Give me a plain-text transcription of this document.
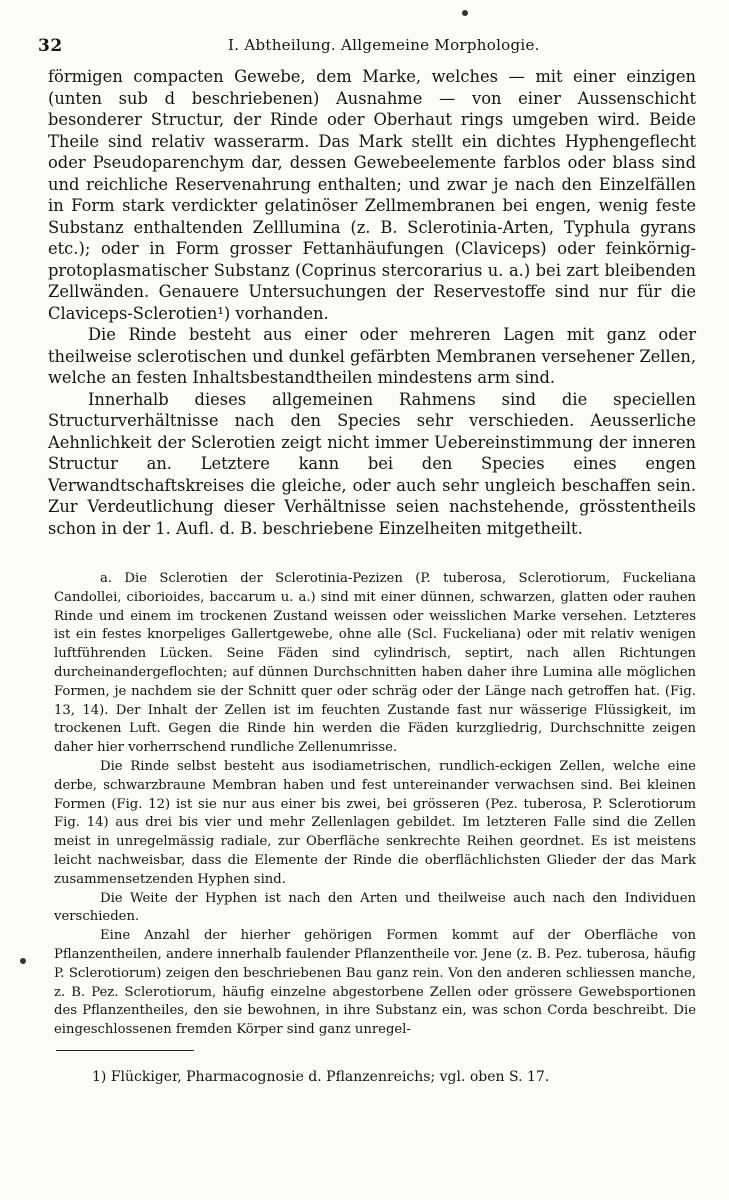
32	I. Abtheilung. Allgemeine Morphologie.

förmigen compacten Gewebe, dem Marke, welches — mit einer einzigen (unten sub d beschriebenen) Ausnahme — von einer Aussenschicht besonderer Structur, der Rinde oder Oberhaut rings umgeben wird. Beide Theile sind relativ wasserarm. Das Mark stellt ein dichtes Hyphengeflecht oder Pseudoparenchym dar, dessen Gewebeelemente farblos oder blass sind und reichliche Reservenahrung enthalten; und zwar je nach den Einzelfällen in Form stark verdickter gelatinöser Zellmembranen bei engen, wenig feste Substanz enthaltenden Zelllumina (z. B. Sclerotinia-Arten, Typhula gyrans etc.); oder in Form grosser Fettanhäufungen (Claviceps) oder feinkörnig-protoplasmatischer Substanz (Coprinus stercorarius u. a.) bei zart bleibenden Zellwänden. Genauere Untersuchungen der Reservestoffe sind nur für die Claviceps-Sclerotien¹) vorhanden.

Die Rinde besteht aus einer oder mehreren Lagen mit ganz oder theilweise sclerotischen und dunkel gefärbten Membranen versehener Zellen, welche an festen Inhaltsbestandtheilen mindestens arm sind.

Innerhalb dieses allgemeinen Rahmens sind die speciellen Structurverhältnisse nach den Species sehr verschieden. Aeusserliche Aehnlichkeit der Sclerotien zeigt nicht immer Uebereinstimmung der inneren Structur an. Letztere kann bei den Species eines engen Verwandtschaftskreises die gleiche, oder auch sehr ungleich beschaffen sein. Zur Verdeutlichung dieser Verhältnisse seien nachstehende, grösstentheils schon in der 1. Aufl. d. B. beschriebene Einzelheiten mitgetheilt.

a. Die Sclerotien der Sclerotinia-Pezizen (P. tuberosa, Sclerotiorum, Fuckeliana Candollei, ciborioides, baccarum u. a.) sind mit einer dünnen, schwarzen, glatten oder rauhen Rinde und einem im trockenen Zustand weissen oder weisslichen Marke versehen. Letzteres ist ein festes knorpeliges Gallertgewebe, ohne alle (Scl. Fuckeliana) oder mit relativ wenigen luftführenden Lücken. Seine Fäden sind cylindrisch, septirt, nach allen Richtungen durcheinandergeflochten; auf dünnen Durchschnitten haben daher ihre Lumina alle möglichen Formen, je nachdem sie der Schnitt quer oder schräg oder der Länge nach getroffen hat. (Fig. 13, 14). Der Inhalt der Zellen ist im feuchten Zustande fast nur wässerige Flüssigkeit, im trockenen Luft. Gegen die Rinde hin werden die Fäden kurzgliedrig, Durchschnitte zeigen daher hier vorherrschend rundliche Zellenumrisse.

Die Rinde selbst besteht aus isodiametrischen, rundlich-eckigen Zellen, welche eine derbe, schwarzbraune Membran haben und fest untereinander verwachsen sind. Bei kleinen Formen (Fig. 12) ist sie nur aus einer bis zwei, bei grösseren (Pez. tuberosa, P. Sclerotiorum Fig. 14) aus drei bis vier und mehr Zellenlagen gebildet. Im letzteren Falle sind die Zellen meist in unregelmässig radiale, zur Oberfläche senkrechte Reihen geordnet. Es ist meistens leicht nachweisbar, dass die Elemente der Rinde die oberflächlichsten Glieder der das Mark zusammensetzenden Hyphen sind.

Die Weite der Hyphen ist nach den Arten und theilweise auch nach den Individuen verschieden.

Eine Anzahl der hierher gehörigen Formen kommt auf der Oberfläche von Pflanzentheilen, andere innerhalb faulender Pflanzentheile vor. Jene (z. B. Pez. tuberosa, häufig P. Sclerotiorum) zeigen den beschriebenen Bau ganz rein. Von den anderen schliessen manche, z. B. Pez. Sclerotiorum, häufig einzelne abgestorbene Zellen oder grössere Gewebsportionen des Pflanzentheiles, den sie bewohnen, in ihre Substanz ein, was schon Corda beschreibt. Die eingeschlossenen fremden Körper sind ganz unregel-

1) Flückiger, Pharmacognosie d. Pflanzenreichs; vgl. oben S. 17.
